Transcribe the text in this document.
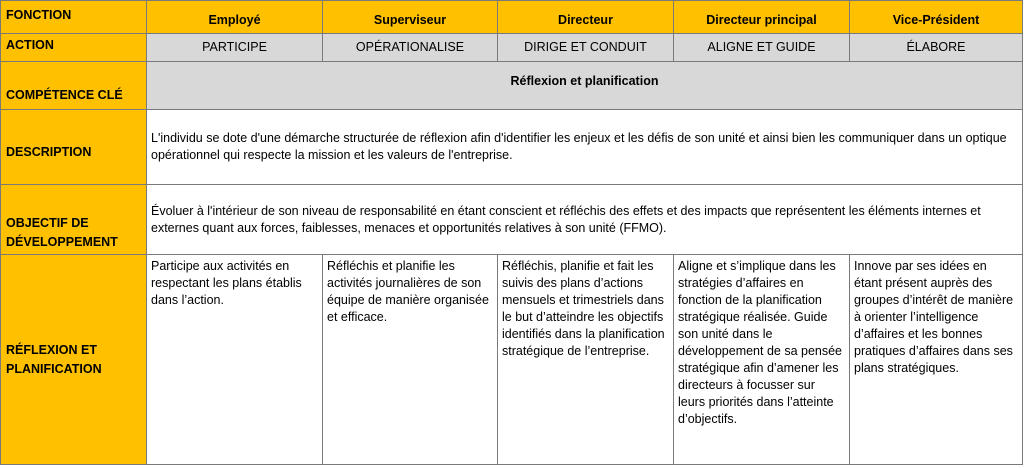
FONCTION	Employé	Superviseur	Directeur	Directeur principal	Vice-Président
ACTION	PARTICIPE	OPÉRATIONALISE	DIRIGE ET CONDUIT	ALIGNE ET GUIDE	ÉLABORE
COMPÉTENCE CLÉ	Réflexion et planification				
DESCRIPTION	L'individu se dote d'une démarche structurée de réflexion afin d'identifier les enjeux et les défis de son unité et ainsi bien les communiquer dans un optique opérationnel qui respecte la mission et les valeurs de l'entreprise.				
OBJECTIF DE DÉVELOPPEMENT	Évoluer à l'intérieur de son niveau de responsabilité en étant conscient et réfléchis des effets et des impacts que représentent les éléments internes et externes quant aux forces, faiblesses, menaces et opportunités relatives à son unité (FFMO).				
RÉFLEXION ET PLANIFICATION	Participe aux activités en respectant les plans établis dans l’action.	Réfléchis et planifie les activités journalières de son équipe de manière organisée et efficace.	Réfléchis, planifie et fait les suivis des plans d’actions mensuels et trimestriels dans le but d’atteindre les objectifs identifiés dans la planification stratégique de l’entreprise.	Aligne et s’implique dans les stratégies d’affaires en fonction de la planification stratégique réalisée. Guide son unité dans le développement de sa pensée stratégique afin d’amener les directeurs à focusser sur leurs priorités dans l’atteinte d’objectifs.	Innove par ses idées en étant présent auprès des groupes d’intérêt de manière à orienter l’intelligence d’affaires et les bonnes pratiques d’affaires dans ses plans stratégiques.
